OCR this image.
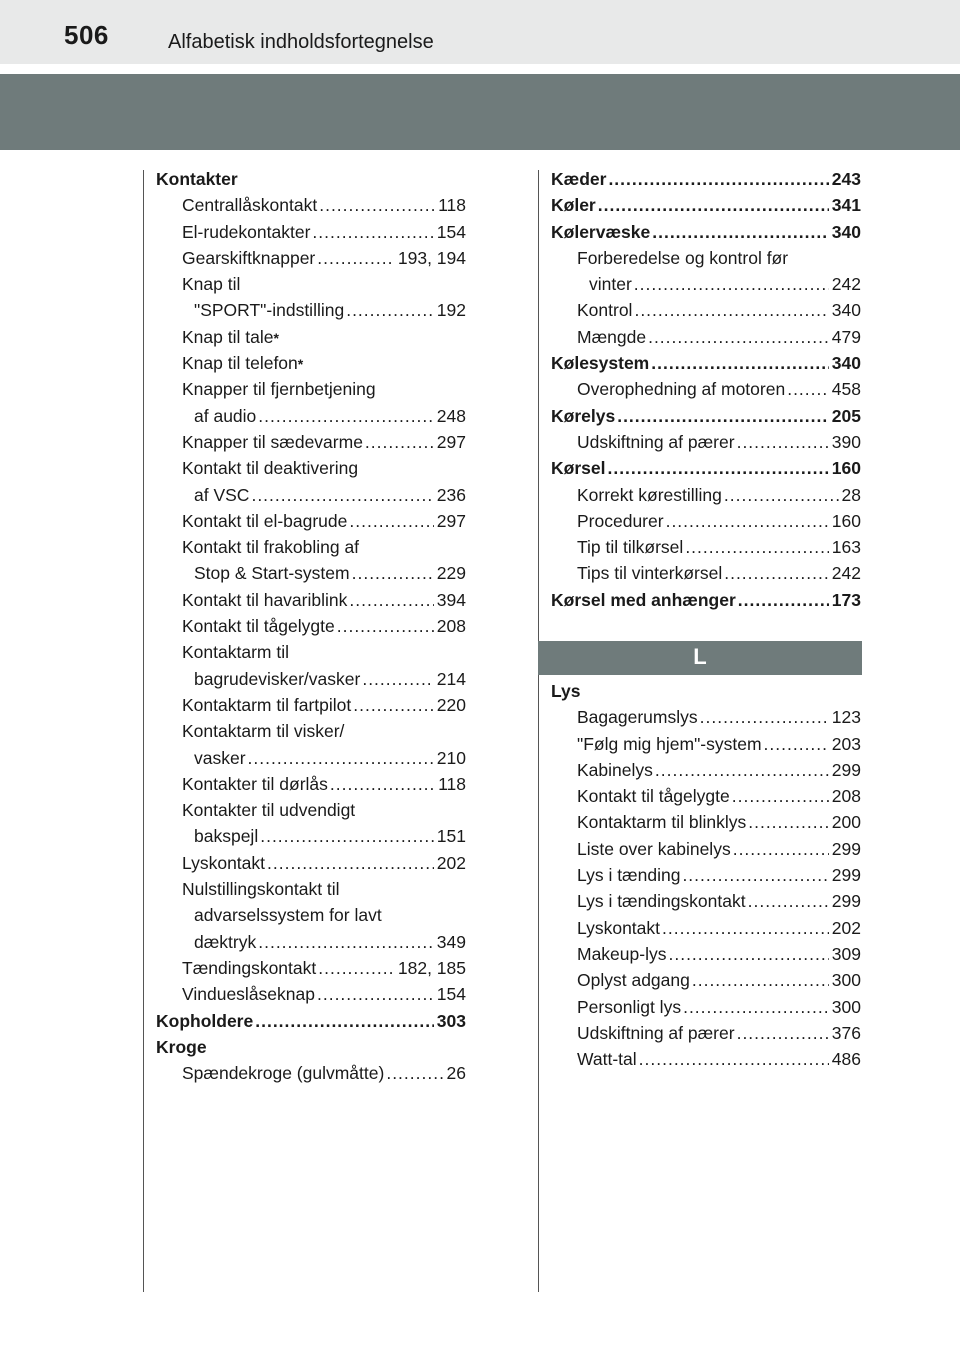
506	Alfabetisk indholdsfortegnelse
Kontakter
Centrallåskontakt .....	118
El-rudekontakter .....	154
Gearskiftknapper .....	193, 194
Knap til
"SPORT"-indstilling .....	192
Knap til tale *
Knap til telefon *
Knapper til fjernbetjening
af audio .....	248
Knapper til sædevarme .....	297
Kontakt til deaktivering
af VSC .....	236
Kontakt til el-bagrude .....	297
Kontakt til frakobling af
Stop & Start-system .....	229
Kontakt til havariblink .....	394
Kontakt til tågelygte .....	208
Kontaktarm til
bagrudevisker/vasker .....	214
Kontaktarm til fartpilot .....	220
Kontaktarm til visker/
vasker .....	210
Kontakter til dørlås .....	118
Kontakter til udvendigt
bakspejl .....	151
Lyskontakt .....	202
Nulstillingskontakt til
advarselssystem for lavt
dæktryk .....	349
Tændingskontakt .....	182, 185
Vindueslåseknap .....	154
Kopholdere .....	303
Kroge
Spændekroge (gulvmåtte) .....	26
Kæder .....	243
Køler .....	341
Kølervæske .....	340
Forberedelse og kontrol før
vinter .....	242
Kontrol .....	340
Mængde .....	479
Kølesystem .....	340
Overophedning af motoren .....	458
Kørelys .....	205
Udskiftning af pærer .....	390
Kørsel .....	160
Korrekt kørestilling .....	28
Procedurer .....	160
Tip til tilkørsel .....	163
Tips til vinterkørsel .....	242
Kørsel med anhænger .....	173
L
Lys
Bagagerumslys .....	123
"Følg mig hjem"-system .....	203
Kabinelys .....	299
Kontakt til tågelygte .....	208
Kontaktarm til blinklys .....	200
Liste over kabinelys .....	299
Lys i tænding .....	299
Lys i tændingskontakt .....	299
Lyskontakt .....	202
Makeup-lys .....	309
Oplyst adgang .....	300
Personligt lys .....	300
Udskiftning af pærer .....	376
Watt-tal .....	486
